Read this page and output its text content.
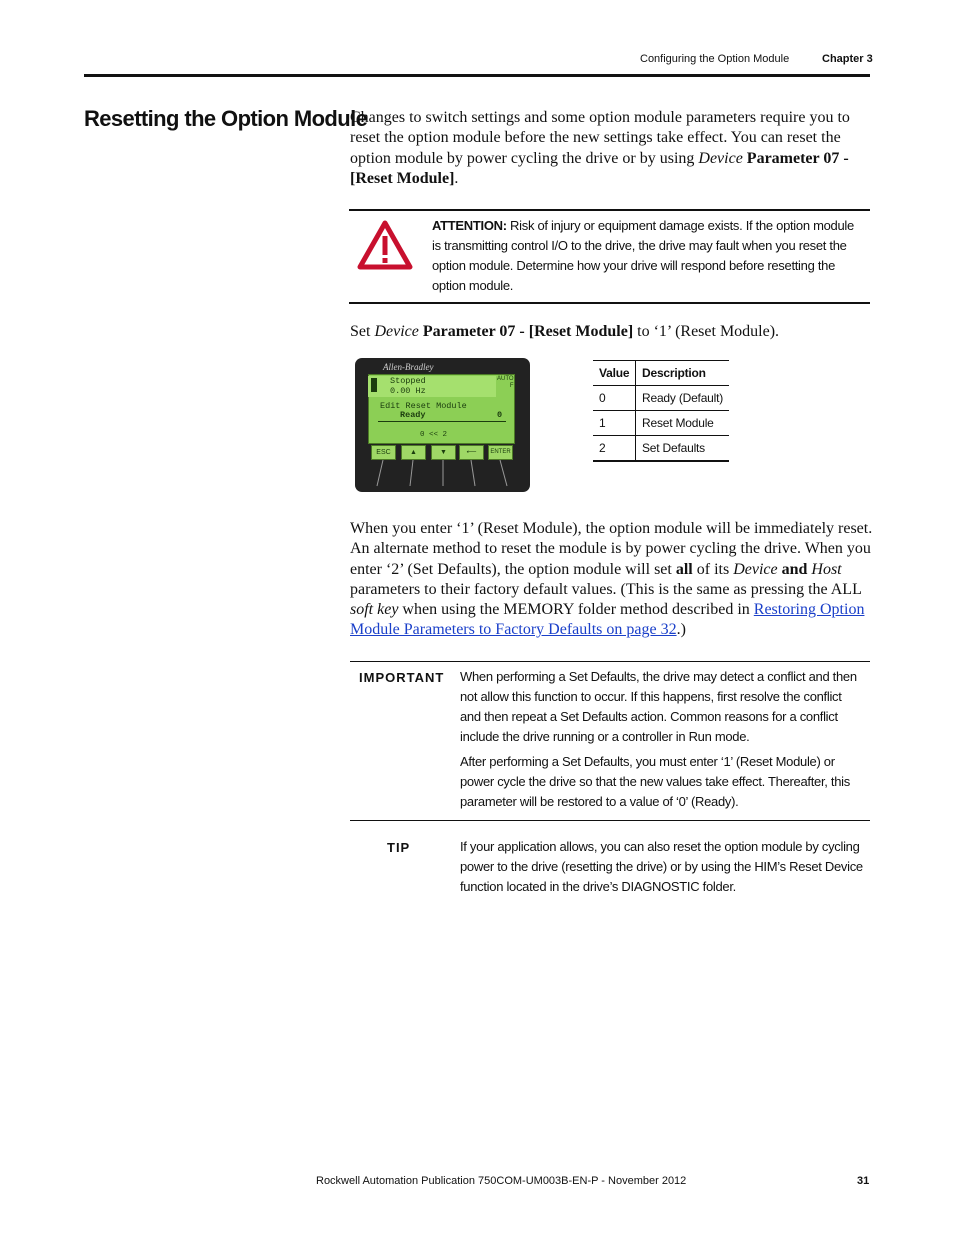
Configuring the Option Module	Chapter 3
Resetting the Option Module
Changes to switch settings and some option module parameters require you to reset the option module before the new settings take effect. You can reset the option module by power cycling the drive or by using Device Parameter 07 - [Reset Module].
ATTENTION: Risk of injury or equipment damage exists. If the option module is transmitting control I/O to the drive, the drive may fault when you reset the option module. Determine how your drive will respond before resetting the option module.
Set Device Parameter 07 - [Reset Module] to ‘1’ (Reset Module).
Allen-Bradley
Stopped
0.00 Hz
AUTO
F
Edit Reset Module
Ready	0
0 << 2
ESC	▲	▼	⟵	ENTER
Value	Description
0	Ready (Default)
1	Reset Module
2	Set Defaults
When you enter ‘1’ (Reset Module), the option module will be immediately reset. An alternate method to reset the module is by power cycling the drive. When you enter ‘2’ (Set Defaults), the option module will set all of its Device and Host parameters to their factory default values. (This is the same as pressing the ALL soft key when using the MEMORY folder method described in Restoring Option Module Parameters to Factory Defaults on page 32.)
IMPORTANT When performing a Set Defaults, the drive may detect a conflict and then not allow this function to occur. If this happens, first resolve the conflict and then repeat a Set Defaults action. Common reasons for a conflict include the drive running or a controller in Run mode.

After performing a Set Defaults, you must enter ‘1’ (Reset Module) or power cycle the drive so that the new values take effect. Thereafter, this parameter will be restored to a value of ‘0’ (Ready).

TIP	If your application allows, you can also reset the option module by cycling power to the drive (resetting the drive) or by using the HIM’s Reset Device function located in the drive’s DIAGNOSTIC folder.
Rockwell Automation Publication 750COM-UM003B-EN-P - November 2012	31
